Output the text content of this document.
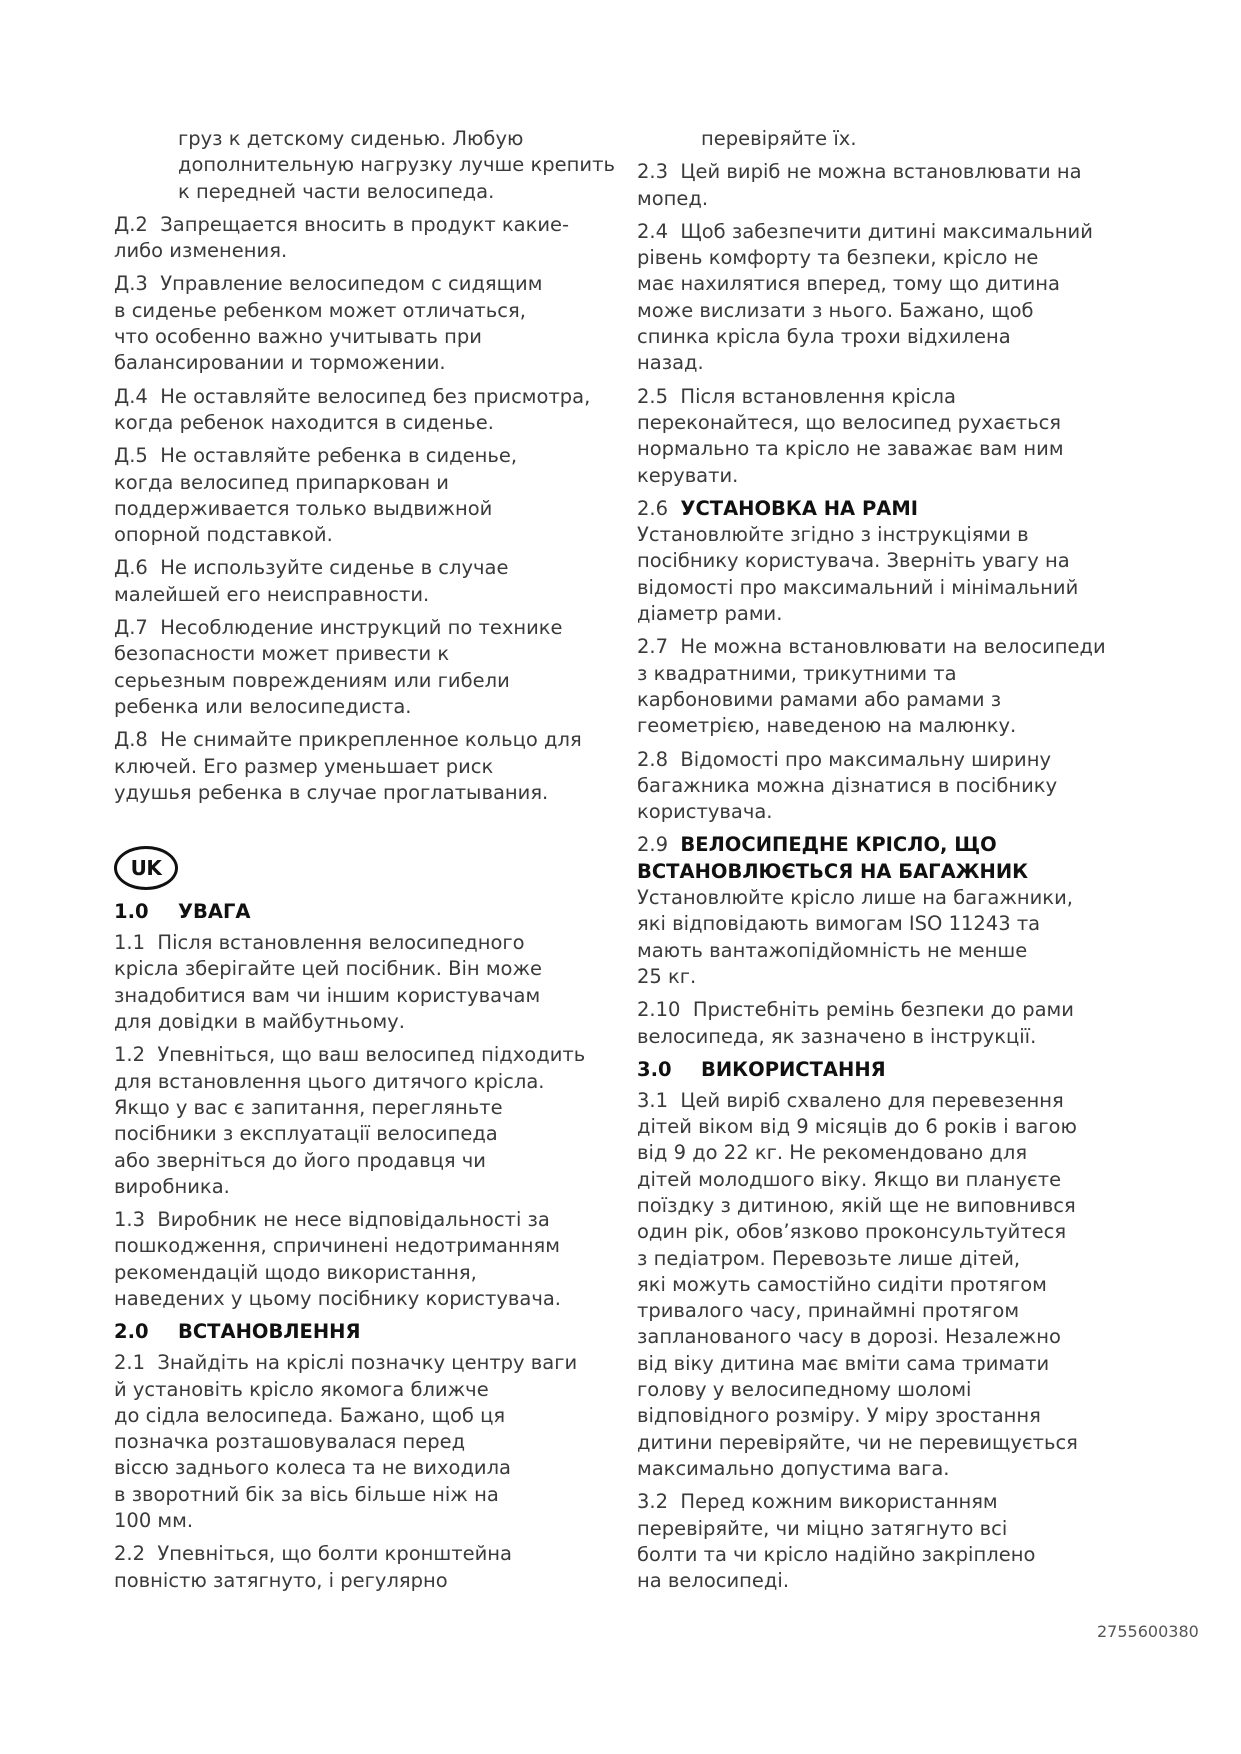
груз к детскому сиденью. Любую
дополнительную нагрузку лучше крепить
к передней части велосипеда.

Д.2 Запрещается вносить в продукт какие-
либо изменения.

Д.3 Управление велосипедом с сидящим
в сиденье ребенком может отличаться,
что особенно важно учитывать при
балансировании и торможении.

Д.4 Не оставляйте велосипед без присмотра,
когда ребенок находится в сиденье.

Д.5 Не оставляйте ребенка в сиденье,
когда велосипед припаркован и
поддерживается только выдвижной
опорной подставкой.

Д.6 Не используйте сиденье в случае
малейшей его неисправности.

Д.7 Несоблюдение инструкций по технике
безопасности может привести к
серьезным повреждениям или гибели
ребенка или велосипедиста.

Д.8 Не снимайте прикрепленное кольцо для
ключей. Его размер уменьшает риск
удушья ребенка в случае проглатывания.

UK

1.0 УВАГА

1.1 Після встановлення велосипедного
крісла зберігайте цей посібник. Він може
знадобитися вам чи іншим користувачам
для довідки в майбутньому.

1.2 Упевніться, що ваш велосипед підходить
для встановлення цього дитячого крісла.
Якщо у вас є запитання, перегляньте
посібники з експлуатації велосипеда
або зверніться до його продавця чи
виробника.

1.3 Виробник не несе відповідальності за
пошкодження, спричинені недотриманням
рекомендацій щодо використання,
наведених у цьому посібнику користувача.

2.0 ВСТАНОВЛЕННЯ

2.1 Знайдіть на кріслі позначку центру ваги
й установіть крісло якомога ближче
до сідла велосипеда. Бажано, щоб ця
позначка розташовувалася перед
віссю заднього колеса та не виходила
в зворотний бік за вісь більше ніж на
100 мм.

2.2 Упевніться, що болти кронштейна
повністю затягнуто, і регулярно

перевіряйте їх.

2.3 Цей виріб не можна встановлювати на
мопед.

2.4 Щоб забезпечити дитині максимальний
рівень комфорту та безпеки, крісло не
має нахилятися вперед, тому що дитина
може вислизати з нього. Бажано, щоб
спинка крісла була трохи відхилена
назад.

2.5 Після встановлення крісла
переконайтеся, що велосипед рухається
нормально та крісло не заважає вам ним
керувати.

2.6 УСТАНОВКА НА РАМІ
Установлюйте згідно з інструкціями в
посібнику користувача. Зверніть увагу на
відомості про максимальний і мінімальний
діаметр рами.

2.7 Не можна встановлювати на велосипеди
з квадратними, трикутними та
карбоновими рамами або рамами з
геометрією, наведеною на малюнку.

2.8 Відомості про максимальну ширину
багажника можна дізнатися в посібнику
користувача.

2.9 ВЕЛОСИПЕДНЕ КРІСЛО, ЩО
ВСТАНОВЛЮЄТЬСЯ НА БАГАЖНИК
Установлюйте крісло лише на багажники,
які відповідають вимогам ISO 11243 та
мають вантажопідйомність не менше
25 кг.

2.10 Пристебніть ремінь безпеки до рами
велосипеда, як зазначено в інструкції.

3.0 ВИКОРИСТАННЯ

3.1 Цей виріб схвалено для перевезення
дітей віком від 9 місяців до 6 років і вагою
від 9 до 22 кг. Не рекомендовано для
дітей молодшого віку. Якщо ви плануєте
поїздку з дитиною, якій ще не виповнився
один рік, обов’язково проконсультуйтеся
з педіатром. Перевозьте лише дітей,
які можуть самостійно сидіти протягом
тривалого часу, принаймні протягом
запланованого часу в дорозі. Незалежно
від віку дитина має вміти сама тримати
голову у велосипедному шоломі
відповідного розміру. У міру зростання
дитини перевіряйте, чи не перевищується
максимально допустима вага.

3.2 Перед кожним використанням
перевіряйте, чи міцно затягнуто всі
болти та чи крісло надійно закріплено
на велосипеді.

2755600380
